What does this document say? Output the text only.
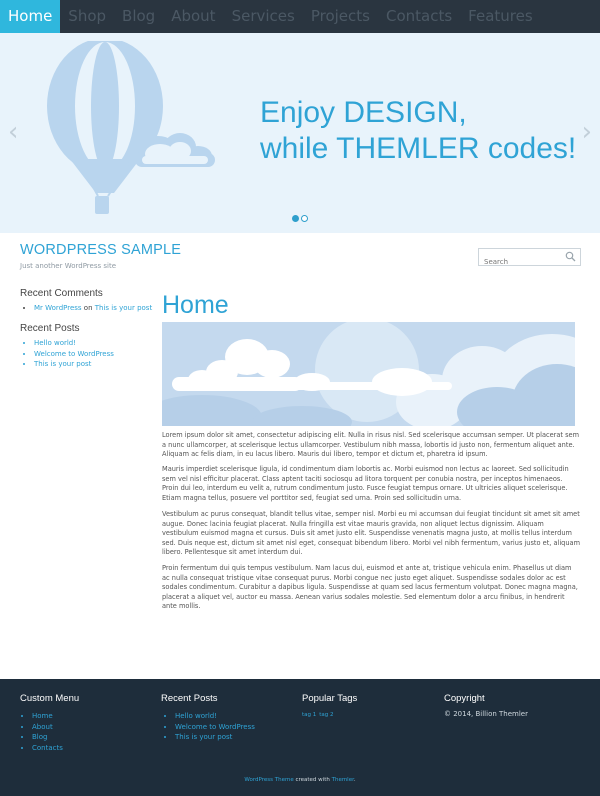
Home	Shop	Blog	About	Services	Projects	Contacts	Features
‹	›
Enjoy DESIGN,
while THEMLER codes!
WORDPRESS SAMPLE
Just another WordPress site
Search
Recent Comments
• Mr WordPress on This is your post
Recent Posts
• Hello world!
• Welcome to WordPress
• This is your post
Home

Lorem ipsum dolor sit amet, consectetur adipiscing elit. Nulla in risus nisl. Sed scelerisque accumsan semper. Ut placerat sem a nunc ullamcorper, at scelerisque lectus ullamcorper. Vestibulum nibh massa, lobortis id justo non, fermentum aliquet ante. Aliquam ac felis diam, in eu lacus libero. Mauris dui libero, tempor et dictum et, pharetra id ipsum.

Mauris imperdiet scelerisque ligula, id condimentum diam lobortis ac. Morbi euismod non lectus ac laoreet. Sed sollicitudin sem vel nisl efficitur placerat. Class aptent taciti sociosqu ad litora torquent per conubia nostra, per inceptos himenaeos. Proin dui leo, interdum eu velit a, rutrum condimentum justo. Fusce feugiat tempus ornare. Ut ultricies aliquet scelerisque. Etiam magna tellus, posuere vel porttitor sed, feugiat sed urna. Proin sed sollicitudin urna.

Vestibulum ac purus consequat, blandit tellus vitae, semper nisl. Morbi eu mi accumsan dui feugiat tincidunt sit amet sit amet augue. Donec lacinia feugiat placerat. Nulla fringilla est vitae mauris gravida, non aliquet lectus dignissim. Aliquam vestibulum euismod magna et cursus. Duis sit amet justo elit. Suspendisse venenatis magna justo, at mollis tellus interdum sed. Duis neque est, dictum sit amet nisl eget, consequat bibendum libero. Morbi vel nibh fermentum, varius justo et, aliquam libero. Pellentesque sit amet interdum dui.

Proin fermentum dui quis tempus vestibulum. Nam lacus dui, euismod et ante at, tristique vehicula enim. Phasellus ut diam ac nulla consequat tristique vitae consequat purus. Morbi congue nec justo eget aliquet. Suspendisse sodales dolor ac est sodales condimentum. Curabitur a dapibus ligula. Suspendisse at quam sed lacus fermentum volutpat. Donec magna magna, placerat a aliquet vel, auctor eu massa. Aenean varius sodales molestie. Sed elementum dolor a arcu finibus, in hendrerit ante mollis.

Custom Menu
• Home
• About
• Blog
• Contacts
Recent Posts
• Hello world!
• Welcome to WordPress
• This is your post
Popular Tags
tag 1 tag 2
Copyright
© 2014, Billion Themler
WordPress Theme created with Themler.
